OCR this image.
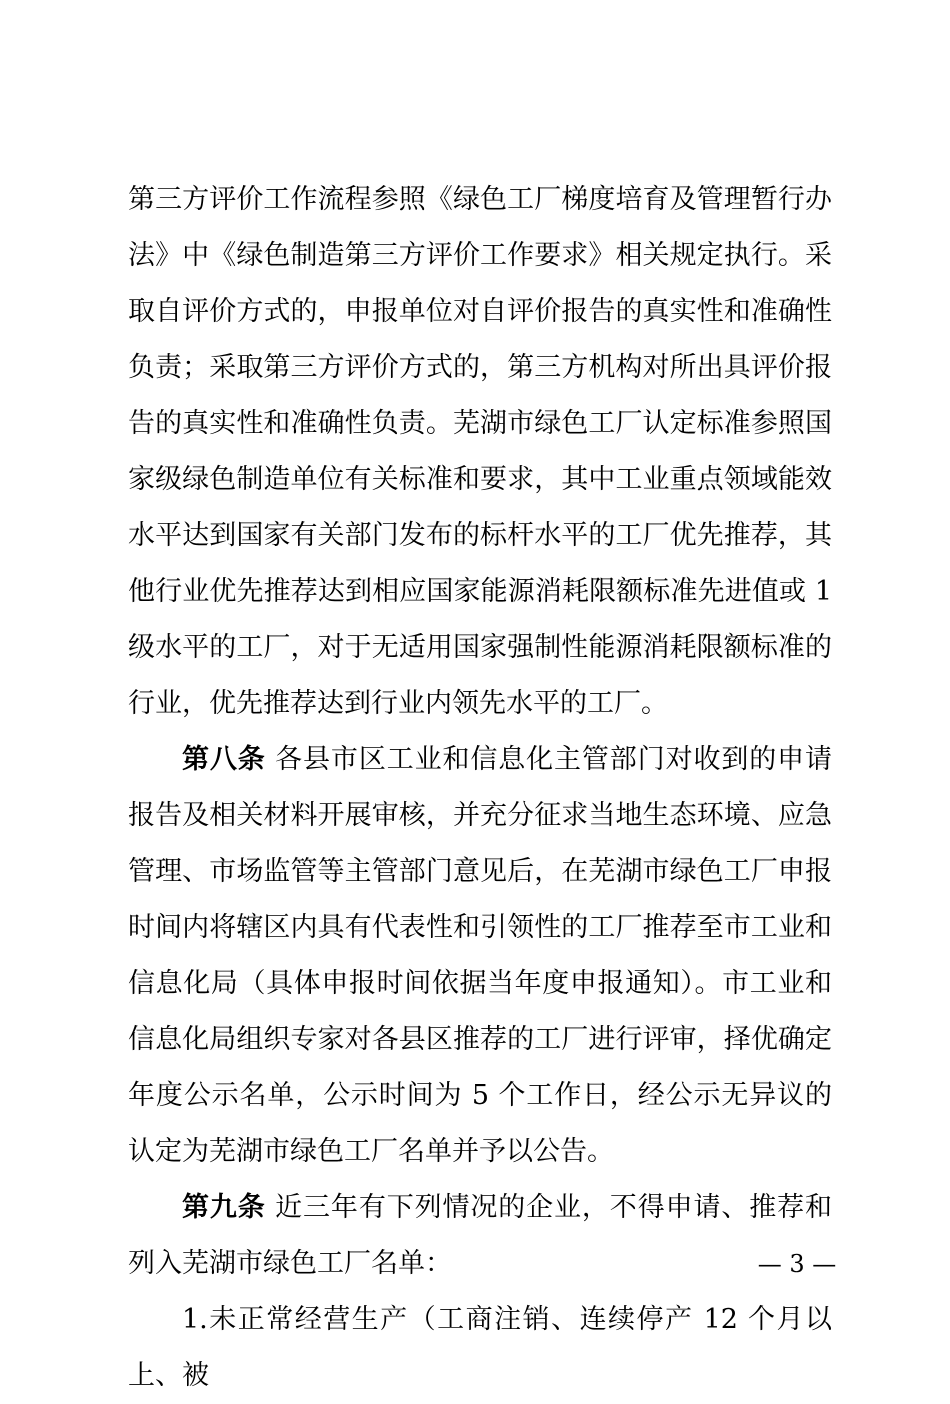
第三方评价工作流程参照《绿色工厂梯度培育及管理暂行办法》中《绿色制造第三方评价工作要求》相关规定执行。采取自评价方式的，申报单位对自评价报告的真实性和准确性负责；采取第三方评价方式的，第三方机构对所出具评价报告的真实性和准确性负责。芜湖市绿色工厂认定标准参照国家级绿色制造单位有关标准和要求，其中工业重点领域能效水平达到国家有关部门发布的标杆水平的工厂优先推荐，其他行业优先推荐达到相应国家能源消耗限额标准先进值或 1 级水平的工厂，对于无适用国家强制性能源消耗限额标准的行业，优先推荐达到行业内领先水平的工厂。

第八条 各县市区工业和信息化主管部门对收到的申请报告及相关材料开展审核，并充分征求当地生态环境、应急管理、市场监管等主管部门意见后，在芜湖市绿色工厂申报时间内将辖区内具有代表性和引领性的工厂推荐至市工业和信息化局（具体申报时间依据当年度申报通知）。市工业和信息化局组织专家对各县区推荐的工厂进行评审，择优确定年度公示名单，公示时间为 5 个工作日，经公示无异议的认定为芜湖市绿色工厂名单并予以公告。

第九条 近三年有下列情况的企业，不得申请、推荐和列入芜湖市绿色工厂名单：

1.未正常经营生产（工商注销、连续停产 12 个月以上、被

— 3 —
